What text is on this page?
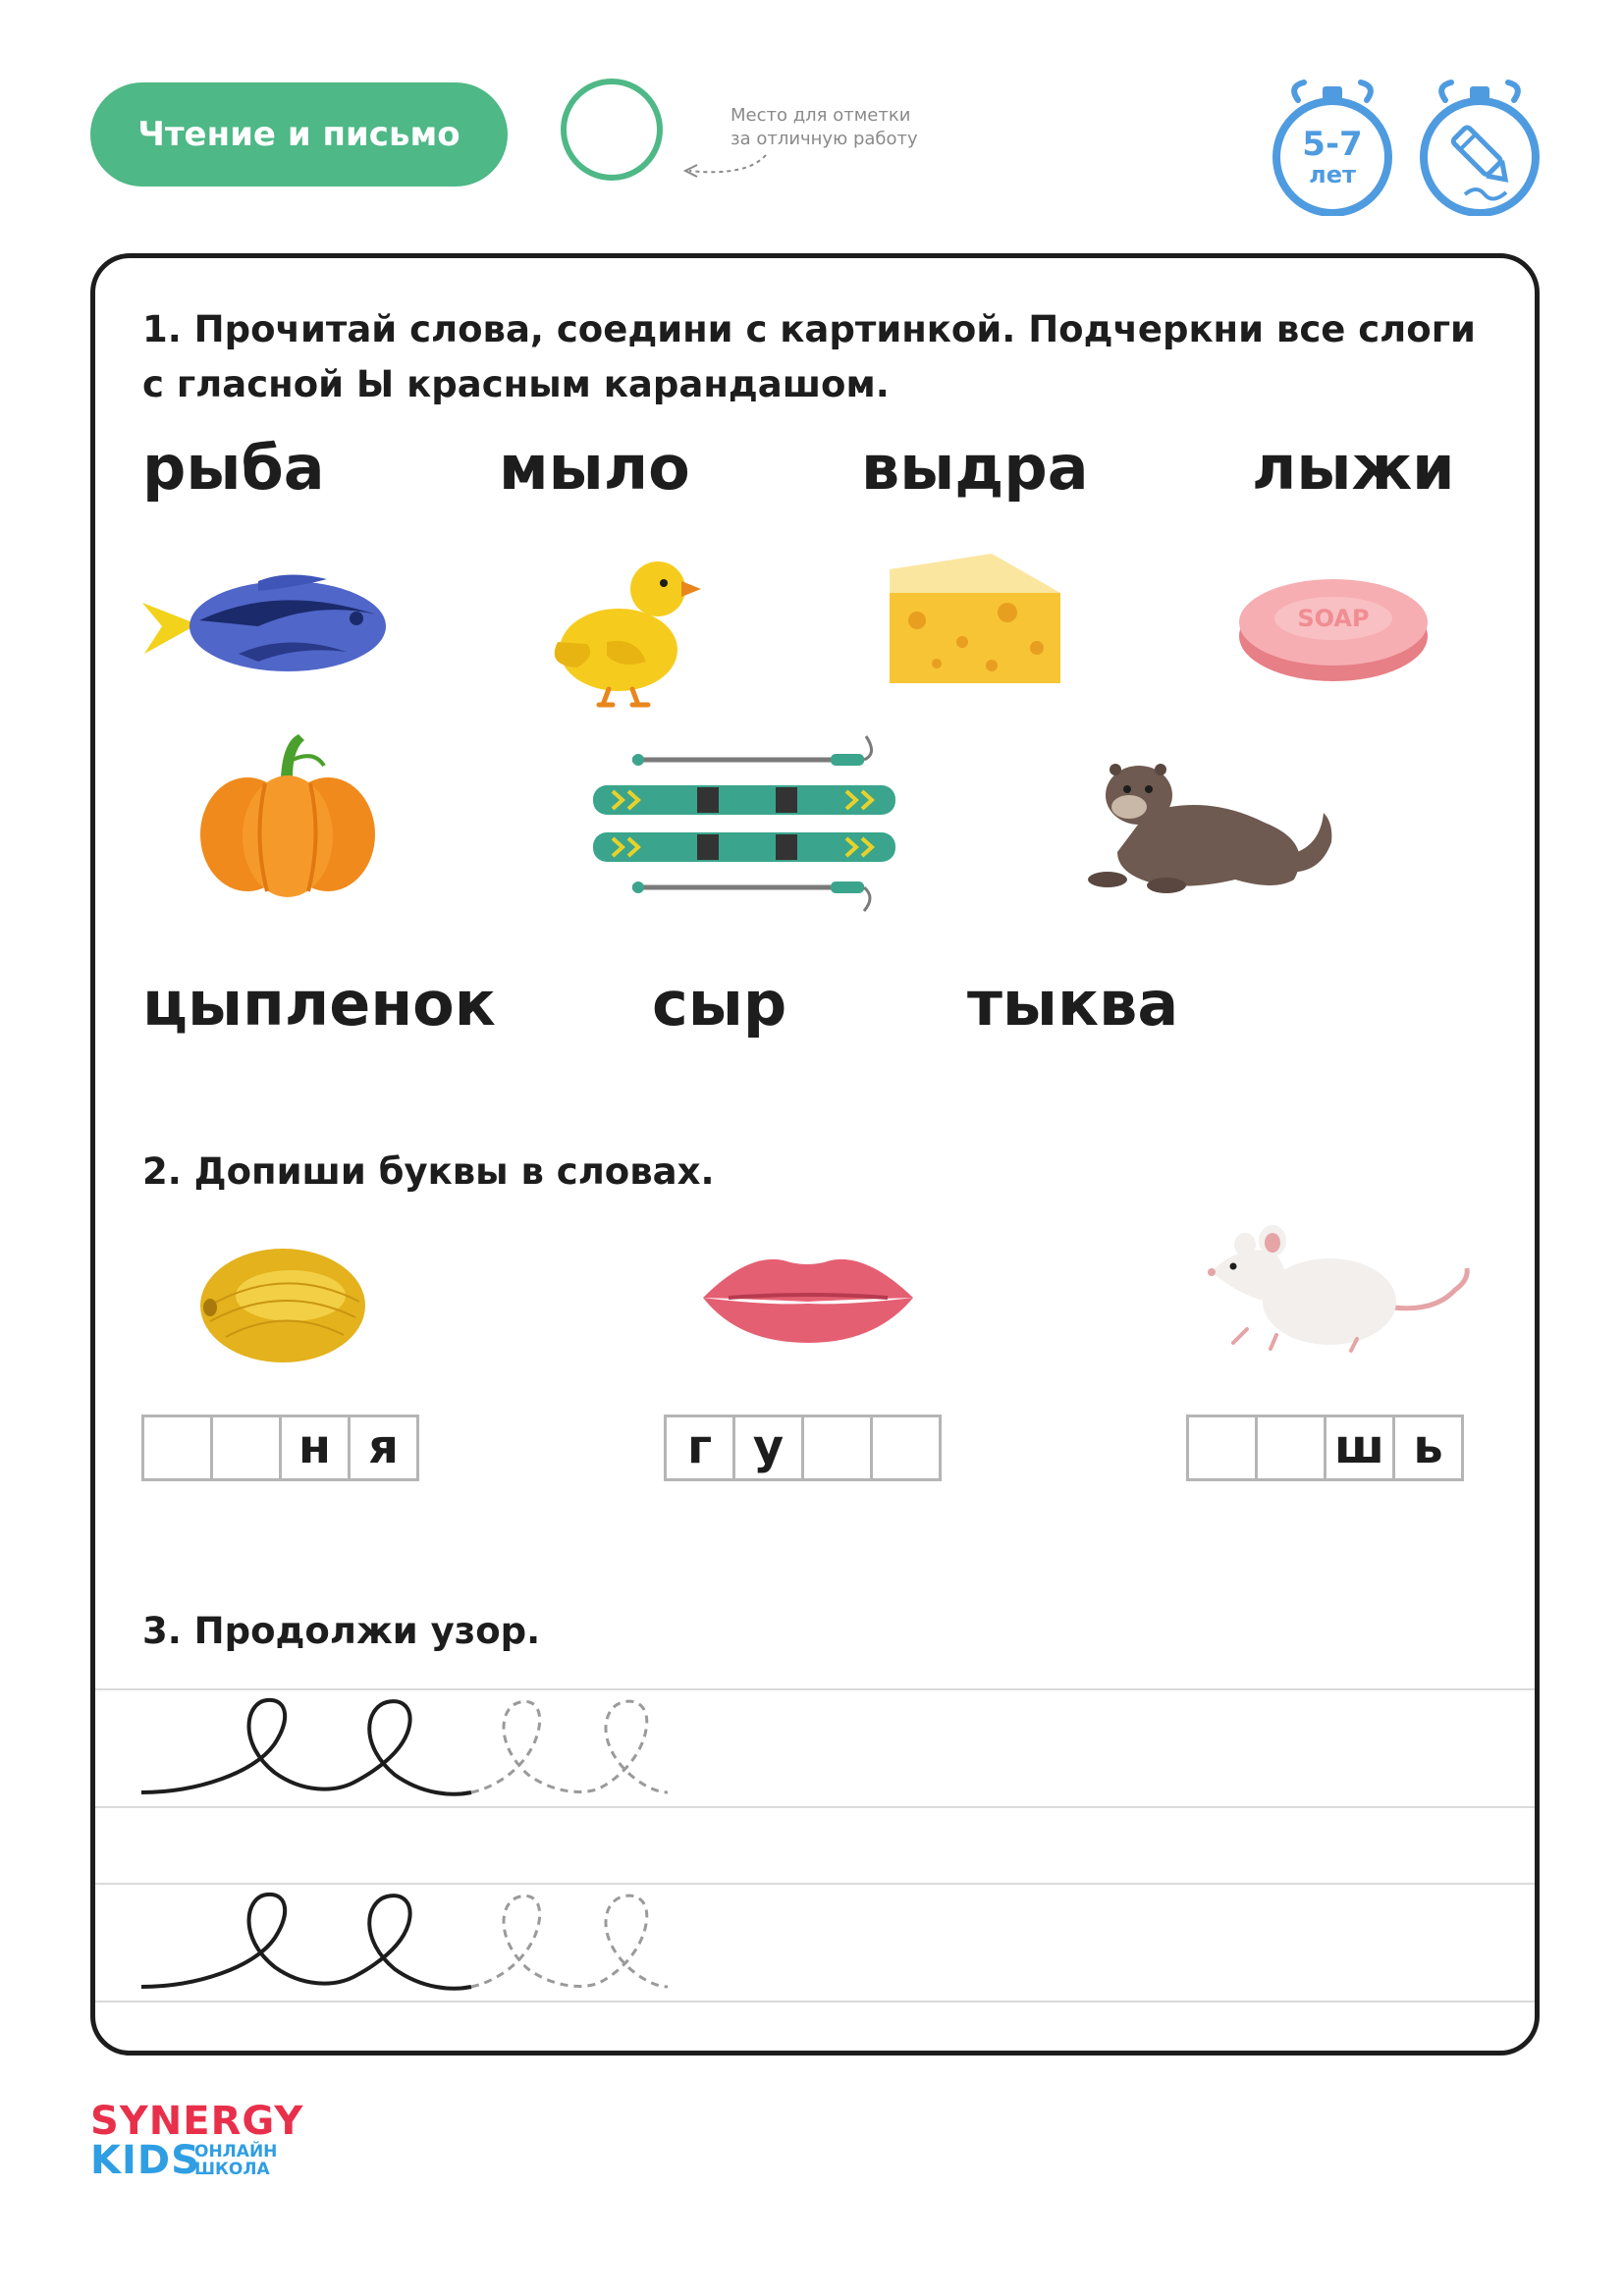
Чтение и письмо	Место для отметки
за отличную работу	5-7
лет
1. Прочитай слова, соедини с картинкой. Подчеркни все слоги
с гласной Ы красным карандашом.
рыба	мыло	выдра	лыжи
SOAP
цыпленок	сыр	тыква
2. Допиши буквы в словах.
н я	г у	ш ь
3. Продолжи узор.
SYNERGY
KIDS
ОНЛАЙН
ШКОЛА
